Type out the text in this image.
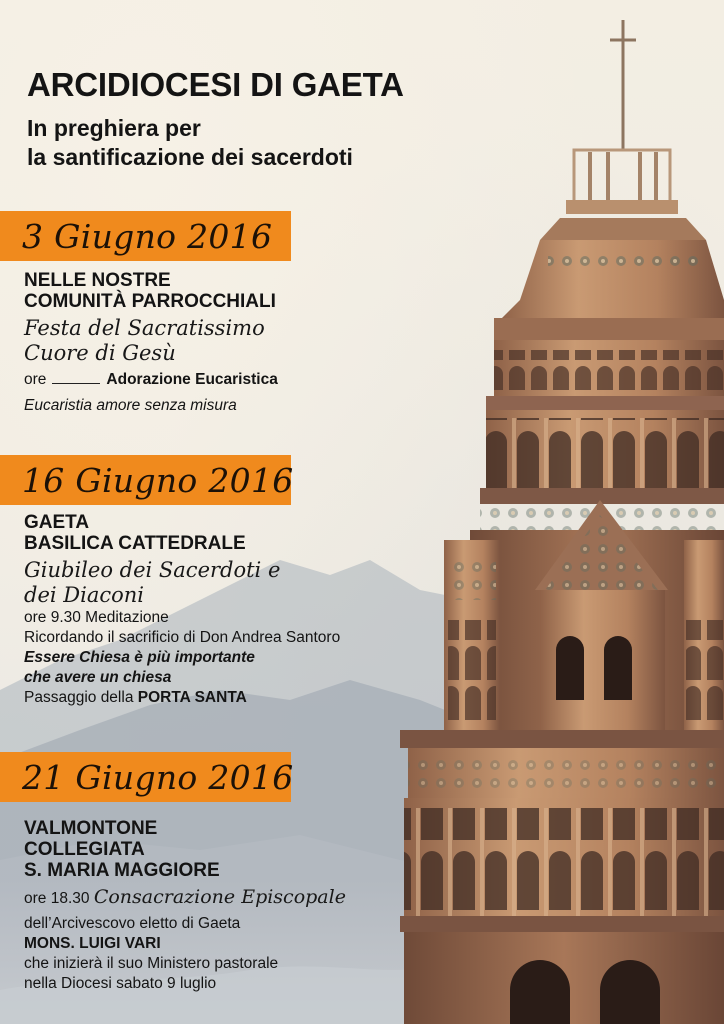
ARCIDIOCESI DI GAETA
In preghiera per
la santificazione dei sacerdoti
3 Giugno 2016

NELLE NOSTRE
COMUNITÀ PARROCCHIALI

Festa del Sacratissimo

Cuore di Gesù

ore	Adorazione Eucaristica

Eucaristia amore senza misura

16 Giugno 2016

GAETA
BASILICA CATTEDRALE

Giubileo dei Sacerdoti e

dei Diaconi

ore 9.30 Meditazione

Ricordando il sacrificio di Don Andrea Santoro

Essere Chiesa è più importante

che avere un chiesa

Passaggio della PORTA SANTA

21 Giugno 2016

VALMONTONE
COLLEGIATA
S. MARIA MAGGIORE

ore 18.30 Consacrazione Episcopale

dell’Arcivescovo eletto di Gaeta

MONS. LUIGI VARI

che inizierà il suo Ministero pastorale

nella Diocesi sabato 9 luglio
